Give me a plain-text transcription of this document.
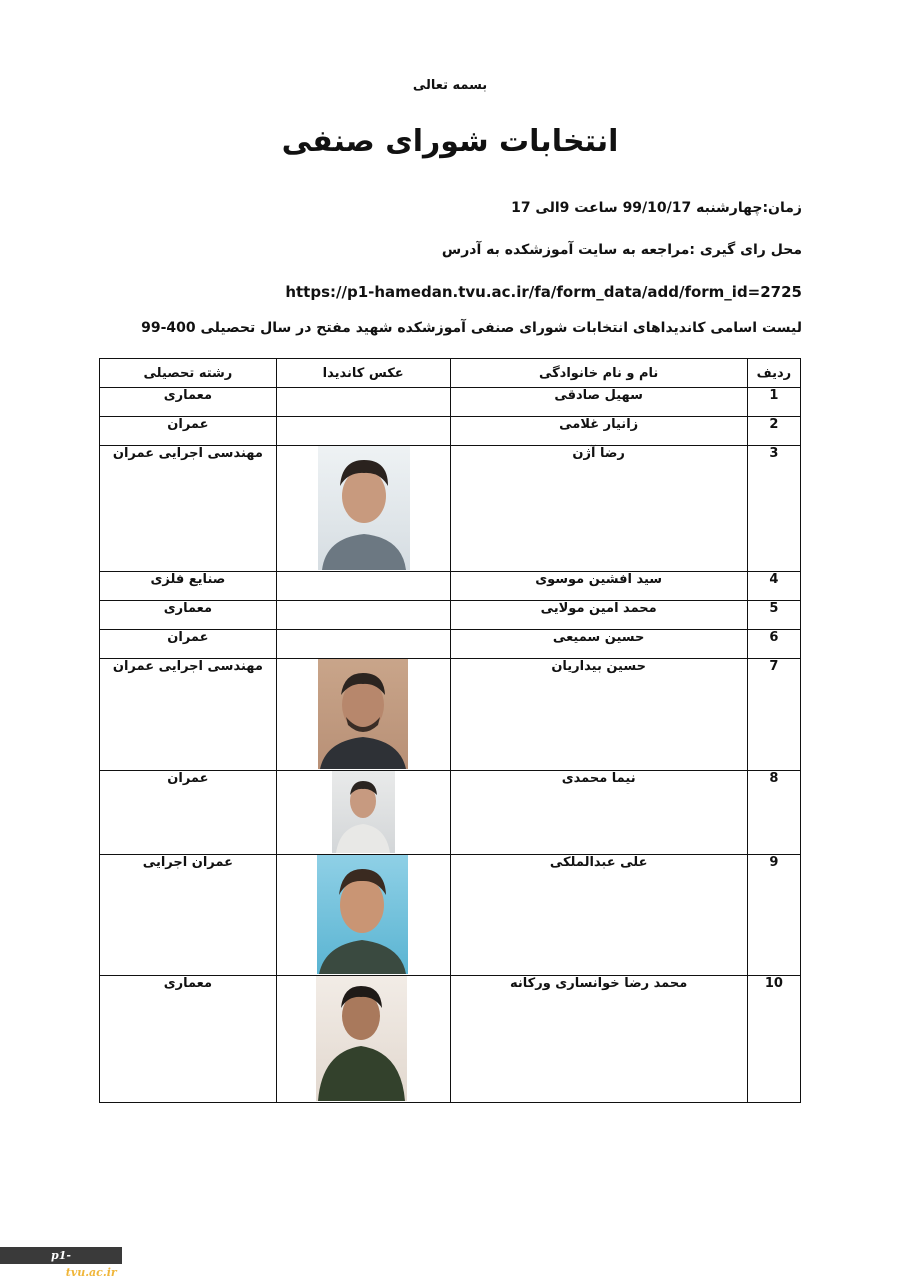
بسمه تعالی
انتخابات شورای صنفی
زمان:چهارشنبه 99/10/17 ساعت 9الی 17
محل رای گیری :مراجعه به سایت آموزشکده به آدرس
https://p1-hamedan.tvu.ac.ir/fa/form_data/add/form_id=2725
لیست اسامی کاندیداهای انتخابات شورای صنفی آموزشکده شهید مفتح در سال تحصیلی 400-99
ردیف	نام و نام خانوادگی	عکس کاندیدا	رشته تحصیلی
1	سهیل صادقی		معماری
2	زانیار غلامی		عمران
3	رضا آژن		مهندسی اجرایی عمران
4	سید افشین موسوی		صنایع فلزی
5	محمد امین مولایی		معماری
6	حسین سمیعی		عمران
7	حسین بیداریان		مهندسی اجرایی عمران
8	نیما محمدی		عمران
9	علی عبدالملکی		عمران اجرایی
10	محمد رضا خوانساری ورکانه		معماری
p1-hamedan.tvu.ac.ir
